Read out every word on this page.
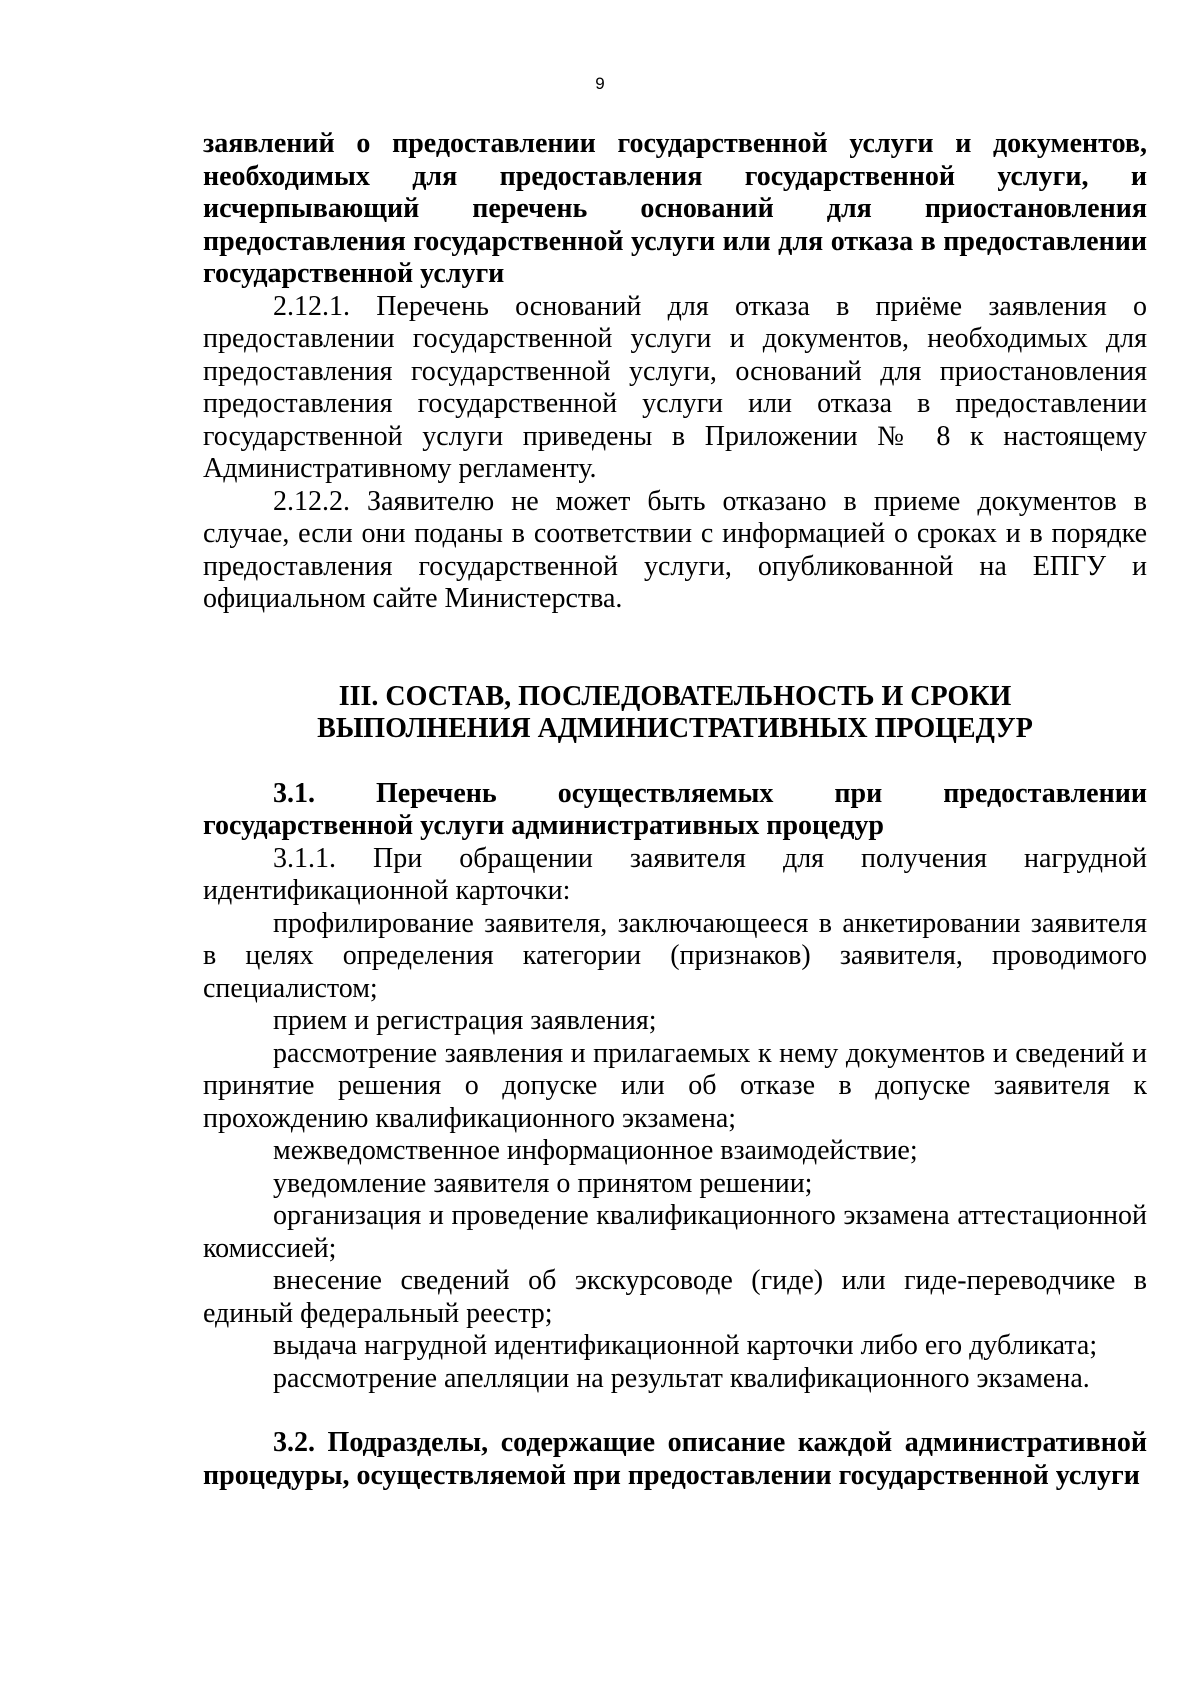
9

заявлений о предоставлении государственной услуги и документов, необходимых для предоставления государственной услуги, и исчерпывающий перечень оснований для приостановления предоставления государственной услуги или для отказа в предоставлении государственной услуги

2.12.1. Перечень оснований для отказа в приёме заявления о предоставлении государственной услуги и документов, необходимых для предоставления государственной услуги, оснований для приостановления предоставления государственной услуги или отказа в предоставлении государственной услуги приведены в Приложении № 8 к настоящему Административному регламенту.

2.12.2. Заявителю не может быть отказано в приеме документов в случае, если они поданы в соответствии с информацией о сроках и в порядке предоставления государственной услуги, опубликованной на ЕПГУ и официальном сайте Министерства.

III. СОСТАВ, ПОСЛЕДОВАТЕЛЬНОСТЬ И СРОКИ

ВЫПОЛНЕНИЯ АДМИНИСТРАТИВНЫХ ПРОЦЕДУР

3.1. Перечень осуществляемых при предоставлении государственной услуги административных процедур

3.1.1. При обращении заявителя для получения нагрудной идентификационной карточки:

профилирование заявителя, заключающееся в анкетировании заявителя в целях определения категории (признаков) заявителя, проводимого специалистом;

прием и регистрация заявления;

рассмотрение заявления и прилагаемых к нему документов и сведений и принятие решения о допуске или об отказе в допуске заявителя к прохождению квалификационного экзамена;

межведомственное информационное взаимодействие;

уведомление заявителя о принятом решении;

организация и проведение квалификационного экзамена аттестационной комиссией;

внесение сведений об экскурсоводе (гиде) или гиде-переводчике в единый федеральный реестр;

выдача нагрудной идентификационной карточки либо его дубликата;

рассмотрение апелляции на результат квалификационного экзамена.

3.2. Подразделы, содержащие описание каждой административной процедуры, осуществляемой при предоставлении государственной услуги
